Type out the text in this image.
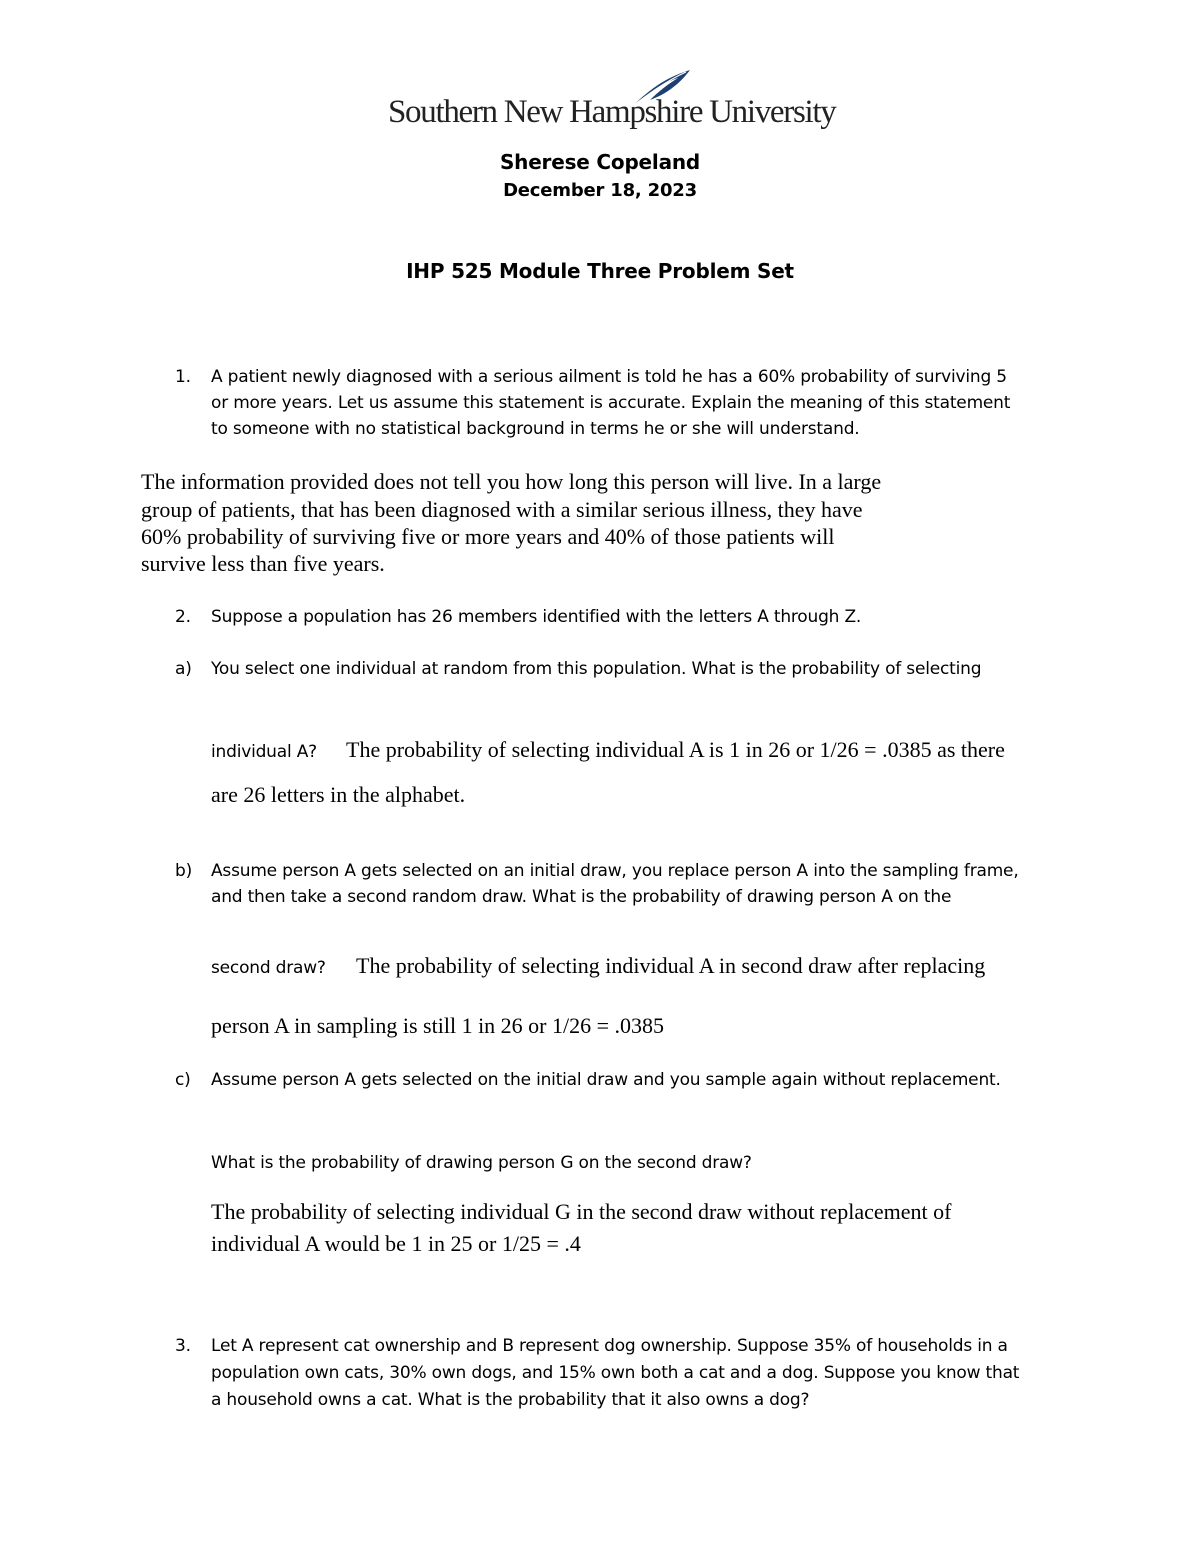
Southern New Hampshire University
Sherese Copeland
December 18, 2023
IHP 525 Module Three Problem Set
1. A patient newly diagnosed with a serious ailment is told he has a 60% probability of surviving 5
or more years. Let us assume this statement is accurate. Explain the meaning of this statement
to someone with no statistical background in terms he or she will understand.
The information provided does not tell you how long this person will live. In a large
group of patients, that has been diagnosed with a similar serious illness, they have
60% probability of surviving five or more years and 40% of those patients will
survive less than five years.
2. Suppose a population has 26 members identified with the letters A through Z.
a) You select one individual at random from this population. What is the probability of selecting
individual A? The probability of selecting individual A is 1 in 26 or 1/26 = .0385 as there
are 26 letters in the alphabet.
b) Assume person A gets selected on an initial draw, you replace person A into the sampling frame,
and then take a second random draw. What is the probability of drawing person A on the
second draw? The probability of selecting individual A in second draw after replacing
person A in sampling is still 1 in 26 or 1/26 = .0385
c) Assume person A gets selected on the initial draw and you sample again without replacement.
What is the probability of drawing person G on the second draw?
The probability of selecting individual G in the second draw without replacement of
individual A would be 1 in 25 or 1/25 = .4
3. Let A represent cat ownership and B represent dog ownership. Suppose 35% of households in a
population own cats, 30% own dogs, and 15% own both a cat and a dog. Suppose you know that
a household owns a cat. What is the probability that it also owns a dog?
